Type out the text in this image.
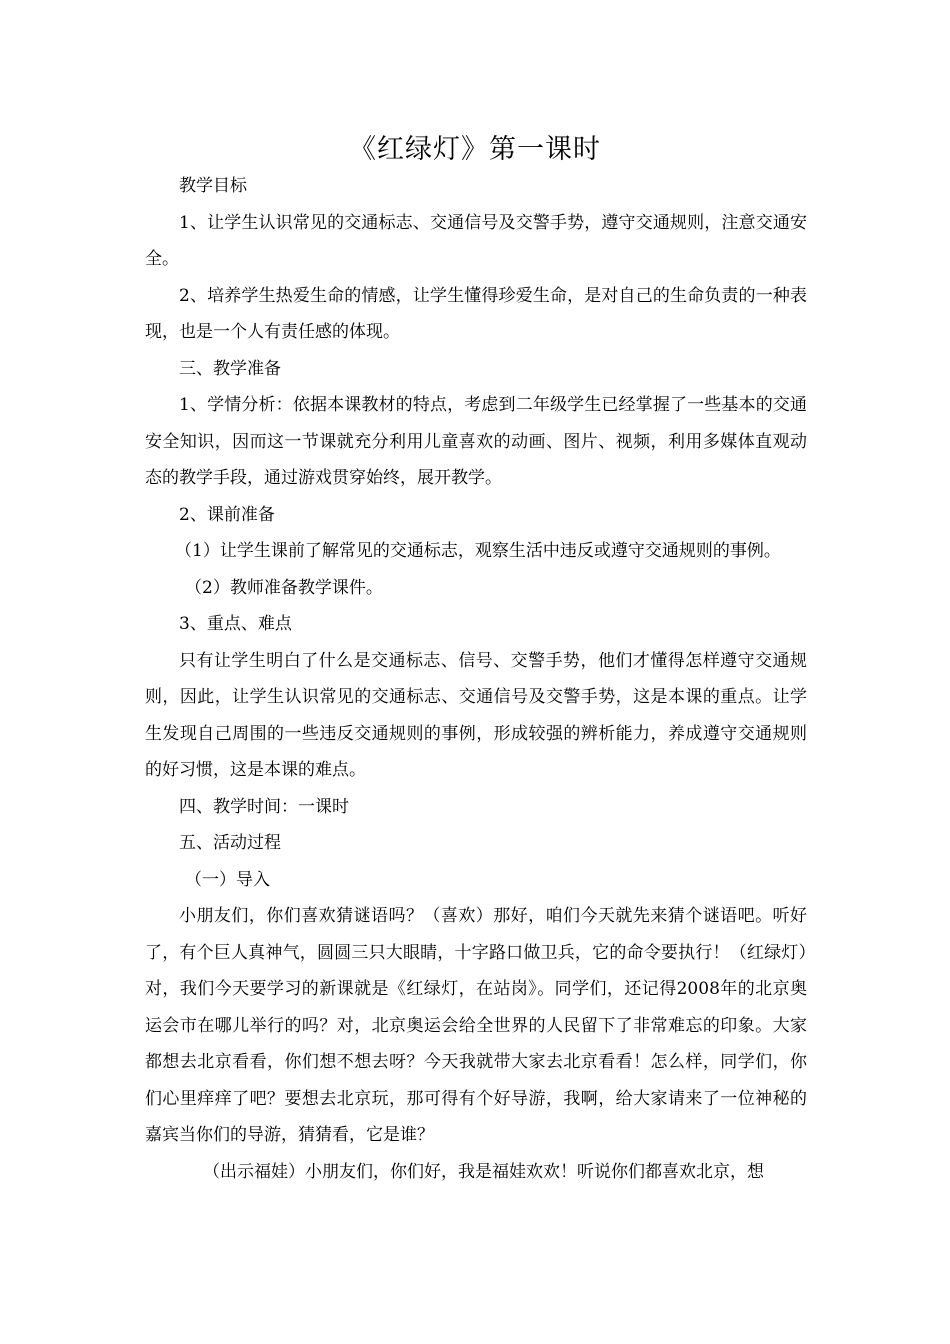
《红绿灯》第一课时

教学目标

1、让学生认识常见的交通标志、交通信号及交警手势，遵守交通规则，注意交通安全。

2、培养学生热爱生命的情感，让学生懂得珍爱生命，是对自己的生命负责的一种表现，也是一个人有责任感的体现。

三、教学准备

1、学情分析：依据本课教材的特点，考虑到二年级学生已经掌握了一些基本的交通安全知识，因而这一节课就充分利用儿童喜欢的动画、图片、视频，利用多媒体直观动态的教学手段，通过游戏贯穿始终，展开教学。

2、课前准备

（1）让学生课前了解常见的交通标志，观察生活中违反或遵守交通规则的事例。

（2）教师准备教学课件。

3、重点、难点

只有让学生明白了什么是交通标志、信号、交警手势，他们才懂得怎样遵守交通规则，因此，让学生认识常见的交通标志、交通信号及交警手势，这是本课的重点。让学生发现自己周围的一些违反交通规则的事例，形成较强的辨析能力，养成遵守交通规则的好习惯，这是本课的难点。

四、教学时间：一课时

五、活动过程

（一）导入

小朋友们，你们喜欢猜谜语吗？（喜欢）那好，咱们今天就先来猜个谜语吧。听好了，有个巨人真神气，圆圆三只大眼睛，十字路口做卫兵，它的命令要执行！（红绿灯）对，我们今天要学习的新课就是《红绿灯，在站岗》。同学们，还记得2008年的北京奥运会市在哪儿举行的吗？对，北京奥运会给全世界的人民留下了非常难忘的印象。大家都想去北京看看，你们想不想去呀？今天我就带大家去北京看看！怎么样，同学们，你们心里痒痒了吧？要想去北京玩，那可得有个好导游，我啊，给大家请来了一位神秘的嘉宾当你们的导游，猜猜看，它是谁？

（出示福娃）小朋友们，你们好，我是福娃欢欢！听说你们都喜欢北京，想
